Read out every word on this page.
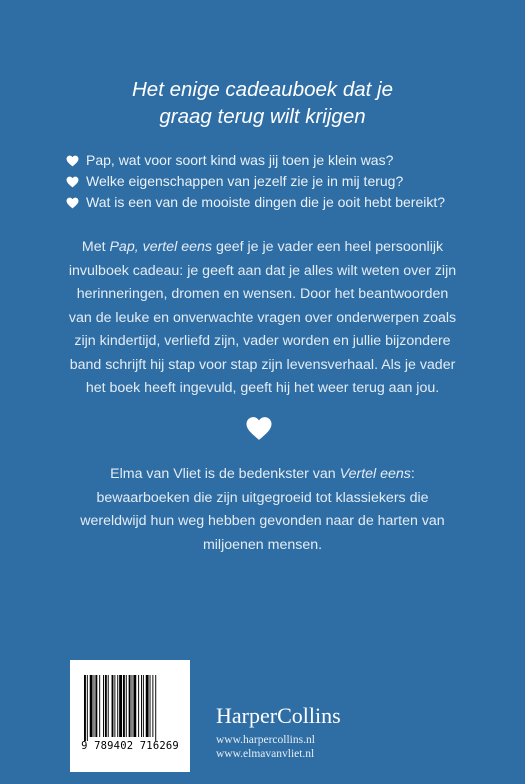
Het enige cadeauboek dat je
graag terug wilt krijgen
Pap, wat voor soort kind was jij toen je klein was?
Welke eigenschappen van jezelf zie je in mij terug?
Wat is een van de mooiste dingen die je ooit hebt bereikt?
Met Pap, vertel eens geef je je vader een heel persoonlijk
invulboek cadeau: je geeft aan dat je alles wilt weten over zijn
herinneringen, dromen en wensen. Door het beantwoorden
van de leuke en onverwachte vragen over onderwerpen zoals
zijn kindertijd, verliefd zijn, vader worden en jullie bijzondere
band schrijft hij stap voor stap zijn levensverhaal. Als je vader
het boek heeft ingevuld, geeft hij het weer terug aan jou.
Elma van Vliet is de bedenkster van Vertel eens:
bewaarboeken die zijn uitgegroeid tot klassiekers die
wereldwijd hun weg hebben gevonden naar de harten van
miljoenen mensen.
9 789402 716269
HarperCollins
www.harpercollins.nl
www.elmavanvliet.nl
